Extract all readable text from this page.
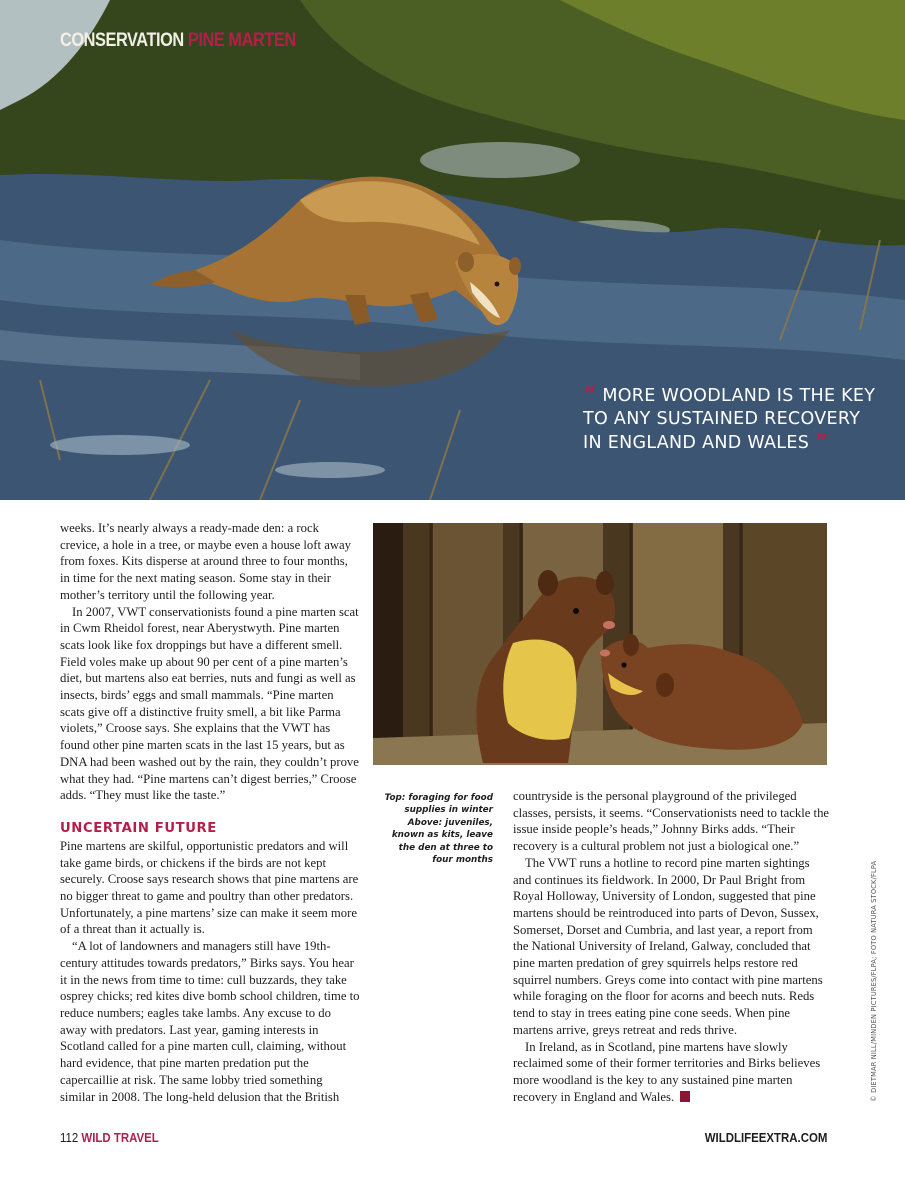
CONSERVATION PINE MARTEN

“ MORE WOODLAND IS THE KEY TO ANY SUSTAINED RECOVERY IN ENGLAND AND WALES ”

weeks. It’s nearly always a ready-made den: a rock crevice, a hole in a tree, or maybe even a house loft away from foxes. Kits disperse at around three to four months, in time for the next mating season. Some stay in their mother’s territory until the following year.

In 2007, VWT conservationists found a pine marten scat in Cwm Rheidol forest, near Aberystwyth. Pine marten scats look like fox droppings but have a different smell. Field voles make up about 90 per cent of a pine marten’s diet, but martens also eat berries, nuts and fungi as well as insects, birds’ eggs and small mammals. “Pine marten scats give off a distinctive fruity smell, a bit like Parma violets,” Croose says. She explains that the VWT has found other pine marten scats in the last 15 years, but as DNA had been washed out by the rain, they couldn’t prove what they had. “Pine martens can’t digest berries,” Croose adds. “They must like the taste.”

UNCERTAIN FUTURE

Pine martens are skilful, opportunistic predators and will take game birds, or chickens if the birds are not kept securely. Croose says research shows that pine martens are no bigger threat to game and poultry than other predators. Unfortunately, a pine martens’ size can make it seem more of a threat than it actually is.

“A lot of landowners and managers still have 19th-century attitudes towards predators,” Birks says. You hear it in the news from time to time: cull buzzards, they take osprey chicks; red kites dive bomb school children, time to reduce numbers; eagles take lambs. Any excuse to do away with predators. Last year, gaming interests in Scotland called for a pine marten cull, claiming, without hard evidence, that pine marten predation put the capercaillie at risk. The same lobby tried something similar in 2008. The long-held delusion that the British

Top: foraging for food supplies in winter Above: juveniles, known as kits, leave the den at three to four months

countryside is the personal playground of the privileged classes, persists, it seems. “Conservationists need to tackle the issue inside people’s heads,” Johnny Birks adds. “Their recovery is a cultural problem not just a biological one.”

The VWT runs a hotline to record pine marten sightings and continues its fieldwork. In 2000, Dr Paul Bright from Royal Holloway, University of London, suggested that pine martens should be reintroduced into parts of Devon, Sussex, Somerset, Dorset and Cumbria, and last year, a report from the National University of Ireland, Galway, concluded that pine marten predation of grey squirrels helps restore red squirrel numbers. Greys come into contact with pine martens while foraging on the floor for acorns and beech nuts. Reds tend to stay in trees eating pine cone seeds. When pine martens arrive, greys retreat and reds thrive.

In Ireland, as in Scotland, pine martens have slowly reclaimed some of their former territories and Birks believes more woodland is the key to any sustained pine marten recovery in England and Wales.	© DIETMAR NILL/MINDEN PICTURES/FLPA; FOTO NATURA STOCK/FLPA

112 WILD TRAVEL	WILDLIFEEXTRA.COM
